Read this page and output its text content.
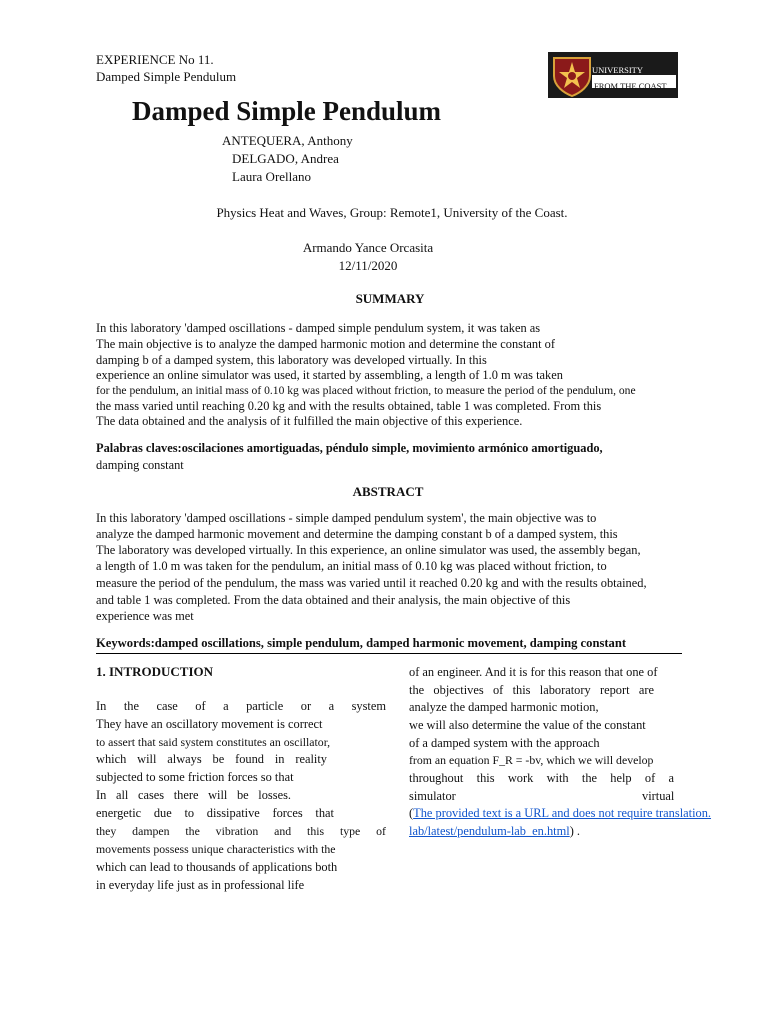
EXPERIENCE No 11.
Damped Simple Pendulum	UNIVERSITY
FROM THE COAST
Damped Simple Pendulum
ANTEQUERA, Anthony
DELGADO, Andrea
Laura Orellano
Physics Heat and Waves, Group: Remote1, University of the Coast.
Armando Yance Orcasita
12/11/2020
SUMMARY
In this laboratory 'damped oscillations - damped simple pendulum system, it was taken as
The main objective is to analyze the damped harmonic motion and determine the constant of
damping b of a damped system, this laboratory was developed virtually. In this
experience an online simulator was used, it started by assembling, a length of 1.0 m was taken
for the pendulum, an initial mass of 0.10 kg was placed without friction, to measure the period of the pendulum, one
the mass varied until reaching 0.20 kg and with the results obtained, table 1 was completed. From this
The data obtained and the analysis of it fulfilled the main objective of this experience.
Palabras claves:oscilaciones amortiguadas, péndulo simple, movimiento armónico amortiguado,
damping constant
ABSTRACT
In this laboratory 'damped oscillations - simple damped pendulum system', the main objective was to
analyze the damped harmonic movement and determine the damping constant b of a damped system, this
The laboratory was developed virtually. In this experience, an online simulator was used, the assembly began,
a length of 1.0 m was taken for the pendulum, an initial mass of 0.10 kg was placed without friction, to
measure the period of the pendulum, the mass was varied until it reached 0.20 kg and with the results obtained,
and table 1 was completed. From the data obtained and their analysis, the main objective of this
experience was met
Keywords:damped oscillations, simple pendulum, damped harmonic movement, damping constant
1. INTRODUCTION
In the case of a particle or a system
They have an oscillatory movement is correct
to assert that said system constitutes an oscillator,
which will always be found in reality
subjected to some friction forces so that
In all cases there will be losses.
energetic due to dissipative forces that
they dampen the vibration and this type of
movements possess unique characteristics with the
which can lead to thousands of applications both
in everyday life just as in professional life
of an engineer. And it is for this reason that one of
the objectives of this laboratory report are
analyze the damped harmonic motion,
we will also determine the value of the constant
of a damped system with the approach
from an equation F_R = -bv, which we will develop
throughout this work with the help of a
simulator	virtual
(The provided text is a URL and does not require translation.
lab/latest/pendulum-lab_en.html) .
